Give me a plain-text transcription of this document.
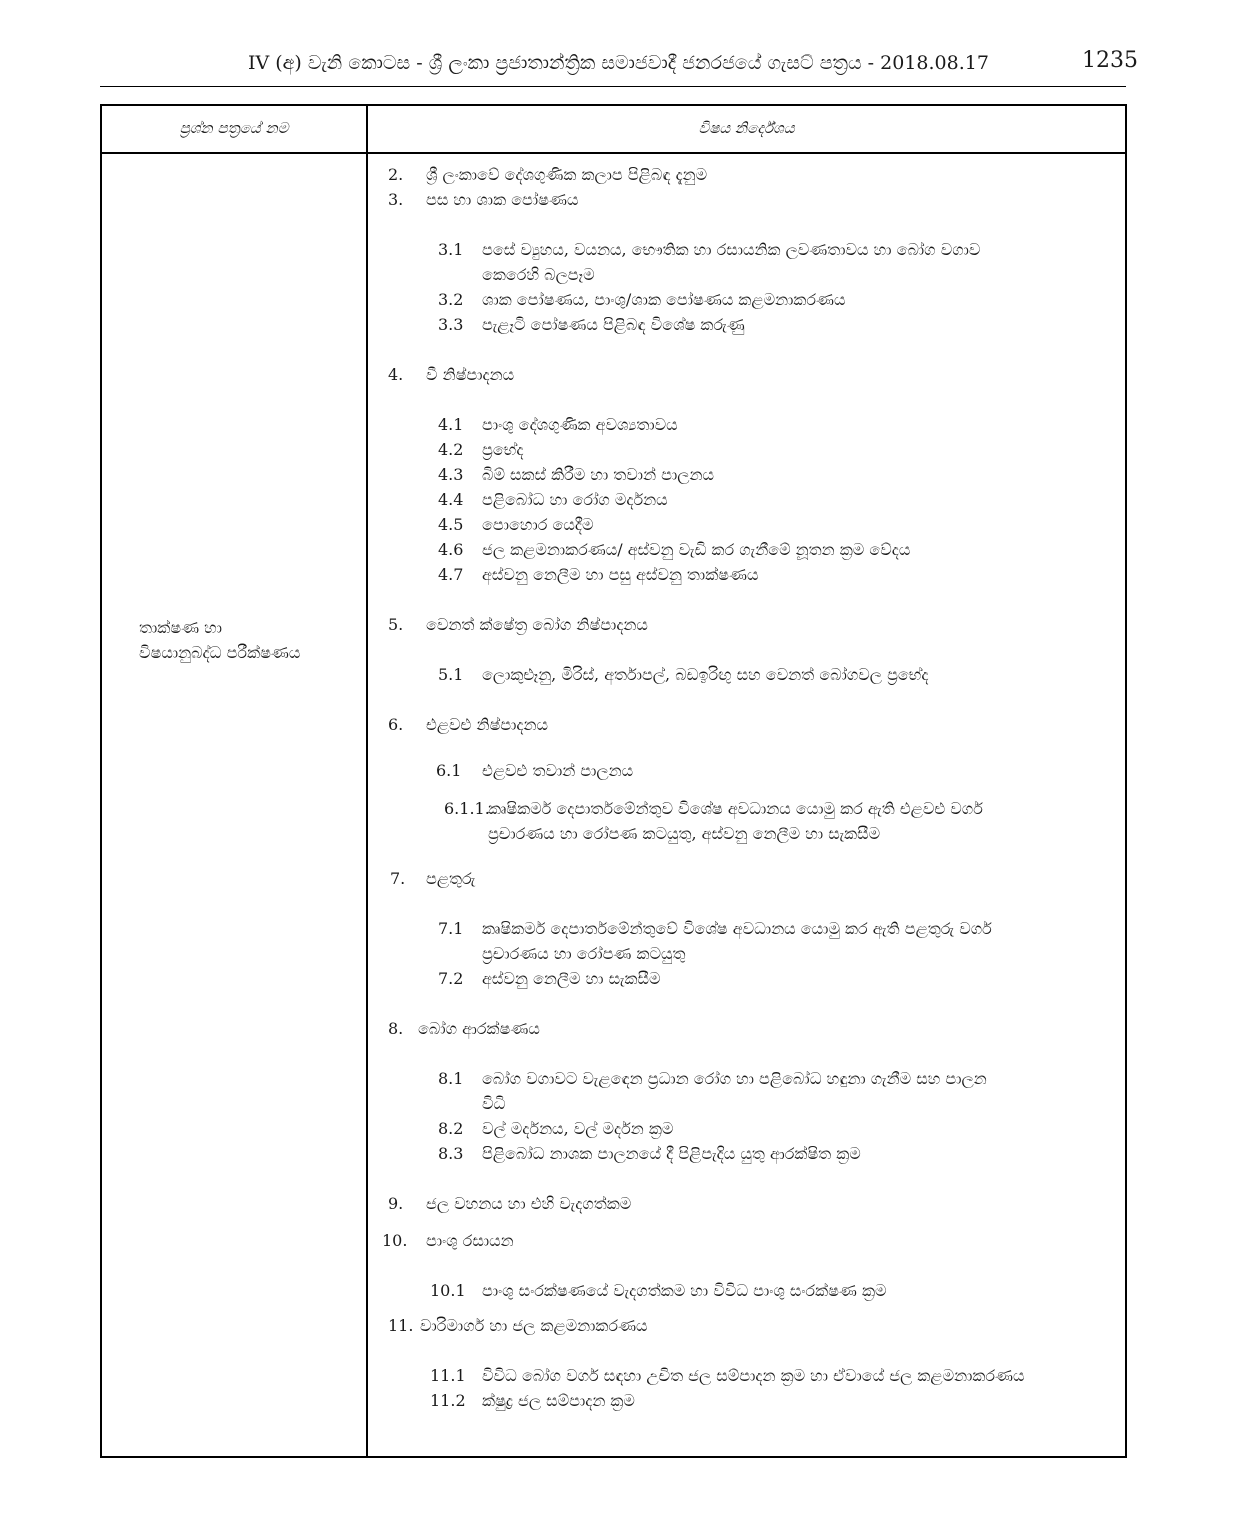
IV (අ) වැනි කොටස - ශ්‍රී ලංකා ප්‍රජාතාන්ත්‍රික සමාජවාදී ජනරජයේ ගැසට් පත්‍රය - 2018.08.17	1235
ප්‍රශ්න පත්‍රයේ නම	විෂය නිර්දේශය
තාක්ෂණ හා
විෂයානුබද්ධ පරීක්ෂණය
2. ශ්‍රී ලංකාවේ දේශගුණික කලාප පිළිබඳ දැනුම
3. පස හා ශාක පෝෂණය
3.1 පසේ ව්‍යුහය, වයනය, භෞතික හා රසායනික ලවණතාවය හා බෝග වගාව
කෙරෙහි බලපෑම
3.2 ශාක පෝෂණය, පාංශු/ශාක පෝෂණය කළමනාකරණය
3.3 පැළෑටි පෝෂණය පිළිබඳ විශේෂ කරුණු
4. වී නිෂ්පාදනය
4.1 පාංශු දේශගුණික අවශ්‍යතාවය
4.2 ප්‍රභේද
4.3 බිම් සකස් කිරීම හා තවාන් පාලනය
4.4 පළිබෝධ හා රෝග මර්දනය
4.5 පොහොර යෙදීම
4.6 ජල කළමනාකරණය/ අස්වනු වැඩි කර ගැනීමේ නූතන ක්‍රම වේදය
4.7 අස්වනු නෙලීම හා පසු අස්වනු තාක්ෂණය
5. වෙනත් ක්ෂේත්‍ර බෝග නිෂ්පාදනය
5.1 ලොකුළූනු, මිරිස්, අර්තාපල්, බඩඉරිඟු සහ වෙනත් බෝගවල ප්‍රභේද
6. එළවළු නිෂ්පාදනය
6.1 එළවළු තවාන් පාලනය
6.1.1.
කෘෂිකර්ම දෙපාර්තමේන්තුව විශේෂ අවධානය යොමු කර ඇති එළවළු වර්ග
ප්‍රචාරණය හා රෝපණ කටයුතු, අස්වනු නෙලීම හා සැකසීම
7. පළතුරු
7.1 කෘෂිකර්ම දෙපාර්තමේන්තුවේ විශේෂ අවධානය යොමු කර ඇති පළතුරු වර්ග
ප්‍රචාරණය හා රෝපණ කටයුතු
7.2 අස්වනු නෙලීම හා සැකසීම
8. බෝග ආරක්ෂණය
8.1 බෝග වගාවට වැළඳෙන ප්‍රධාන රෝග හා පළිබෝධ හඳුනා ගැනීම සහ පාලන
විධි
8.2 වල් මර්දනය, වල් මර්දන ක්‍රම
8.3 පිළිබෝධ නාශක පාලනයේ දී පිළිපැදිය යුතු ආරක්ෂිත ක්‍රම
9. ජල වහනය හා එහි වැදගත්කම
10. පාංශු රසායන
10.1 පාංශු සංරක්ෂණයේ වැදගත්කම හා විවිධ පාංශු සංරක්ෂණ ක්‍රම
11. වාරිමාර්ග හා ජල කළමනාකරණය
11.1 විවිධ බෝග වර්ග සඳහා උචිත ජල සම්පාදන ක්‍රම හා ඒවායේ ජල කළමනාකරණය
11.2 ක්ෂුද්‍ර ජල සම්පාදන ක්‍රම
